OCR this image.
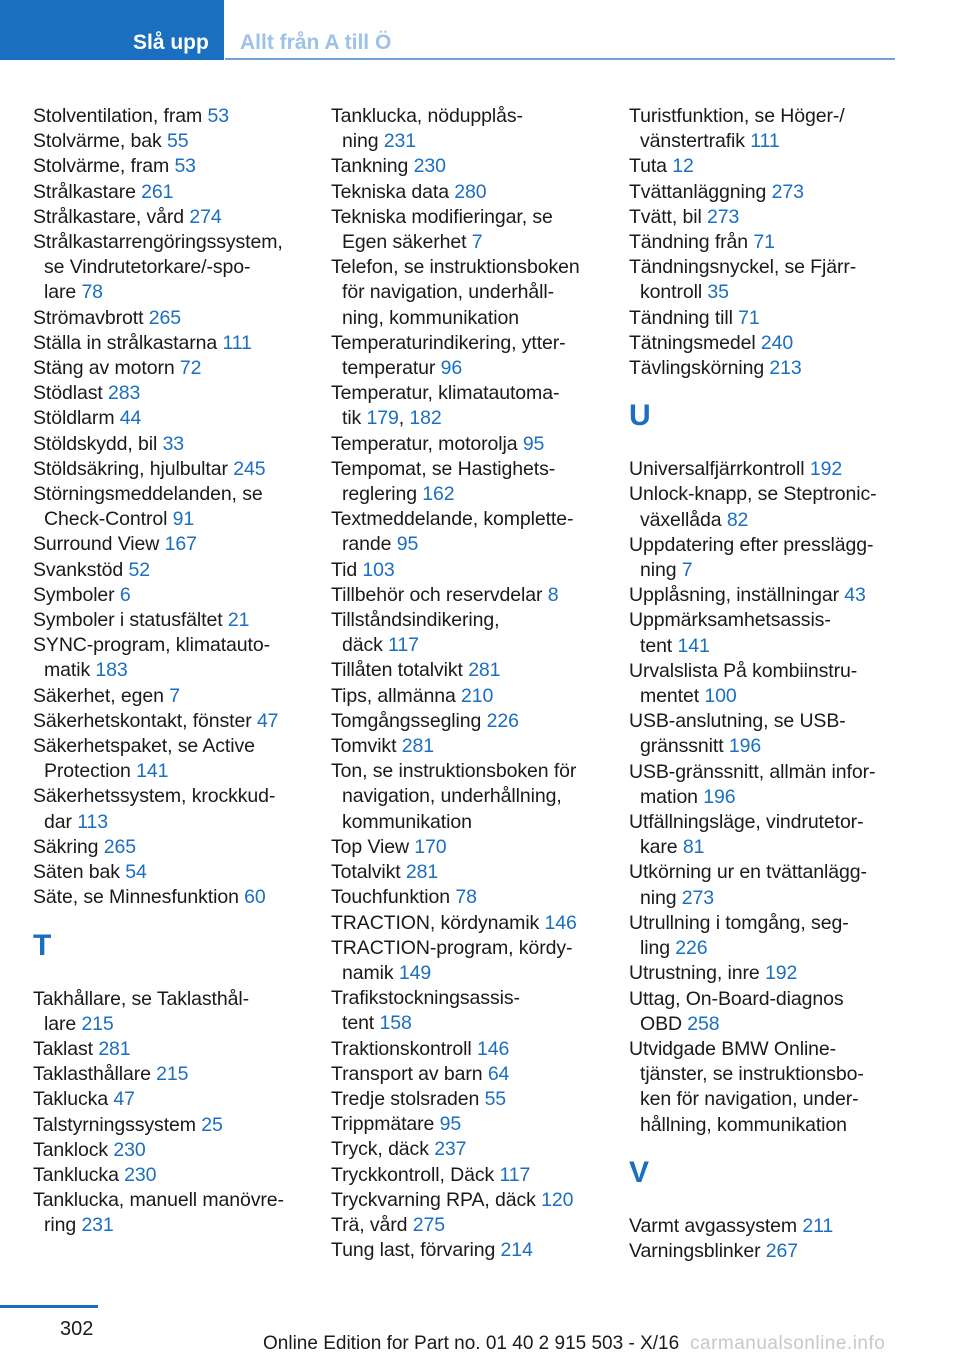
Slå upp Allt från A till Ö
Stolventilation, fram 53
Stolvärme, bak 55
Stolvärme, fram 53
Strålkastare 261
Strålkastare, vård 274
Strålkastarrengöringssystem,
se Vindrutetorkare/-spo-
lare 78
Strömavbrott 265
Ställa in strålkastarna 111
Stäng av motorn 72
Stödlast 283
Stöldlarm 44
Stöldskydd, bil 33
Stöldsäkring, hjulbultar 245
Störningsmeddelanden, se
Check-Control 91
Surround View 167
Svankstöd 52
Symboler 6
Symboler i statusfältet 21
SYNC-program, klimatauto-
matik 183
Säkerhet, egen 7
Säkerhetskontakt, fönster 47
Säkerhetspaket, se Active
Protection 141
Säkerhetssystem, krockkud-
dar 113
Säkring 265
Säten bak 54
Säte, se Minnesfunktion 60
T
Takhållare, se Taklasthål-
lare 215
Taklast 281
Taklasthållare 215
Taklucka 47
Talstyrningssystem 25
Tanklock 230
Tanklucka 230
Tanklucka, manuell manövre-
ring 231
Tanklucka, nödupplås-
ning 231
Tankning 230
Tekniska data 280
Tekniska modifieringar, se
Egen säkerhet 7
Telefon, se instruktionsboken
för navigation, underhåll-
ning, kommunikation
Temperaturindikering, ytter-
temperatur 96
Temperatur, klimatautoma-
tik 179, 182
Temperatur, motorolja 95
Tempomat, se Hastighets-
reglering 162
Textmeddelande, komplette-
rande 95
Tid 103
Tillbehör och reservdelar 8
Tillståndsindikering,
däck 117
Tillåten totalvikt 281
Tips, allmänna 210
Tomgångssegling 226
Tomvikt 281
Ton, se instruktionsboken för
navigation, underhållning,
kommunikation
Top View 170
Totalvikt 281
Touchfunktion 78
TRACTION, kördynamik 146
TRACTION-program, kördy-
namik 149
Trafikstockningsassis-
tent 158
Traktionskontroll 146
Transport av barn 64
Tredje stolsraden 55
Trippmätare 95
Tryck, däck 237
Tryckkontroll, Däck 117
Tryckvarning RPA, däck 120
Trä, vård 275
Tung last, förvaring 214
Turistfunktion, se Höger-/
vänstertrafik 111
Tuta 12
Tvättanläggning 273
Tvätt, bil 273
Tändning från 71
Tändningsnyckel, se Fjärr-
kontroll 35
Tändning till 71
Tätningsmedel 240
Tävlingskörning 213
U
Universalfjärrkontroll 192
Unlock-knapp, se Steptronic-
växellåda 82
Uppdatering efter presslägg-
ning 7
Upplåsning, inställningar 43
Uppmärksamhetsassis-
tent 141
Urvalslista På kombiinstru-
mentet 100
USB-anslutning, se USB-
gränssnitt 196
USB-gränssnitt, allmän infor-
mation 196
Utfällningsläge, vindrutetor-
kare 81
Utkörning ur en tvättanlägg-
ning 273
Utrullning i tomgång, seg-
ling 226
Utrustning, inre 192
Uttag, On-Board-diagnos
OBD 258
Utvidgade BMW Online-
tjänster, se instruktionsbo-
ken för navigation, under-
hållning, kommunikation
V
Varmt avgassystem 211
Varningsblinker 267
302
Online Edition for Part no. 01 40 2 915 503 - X/16 carmanualsonline.info
